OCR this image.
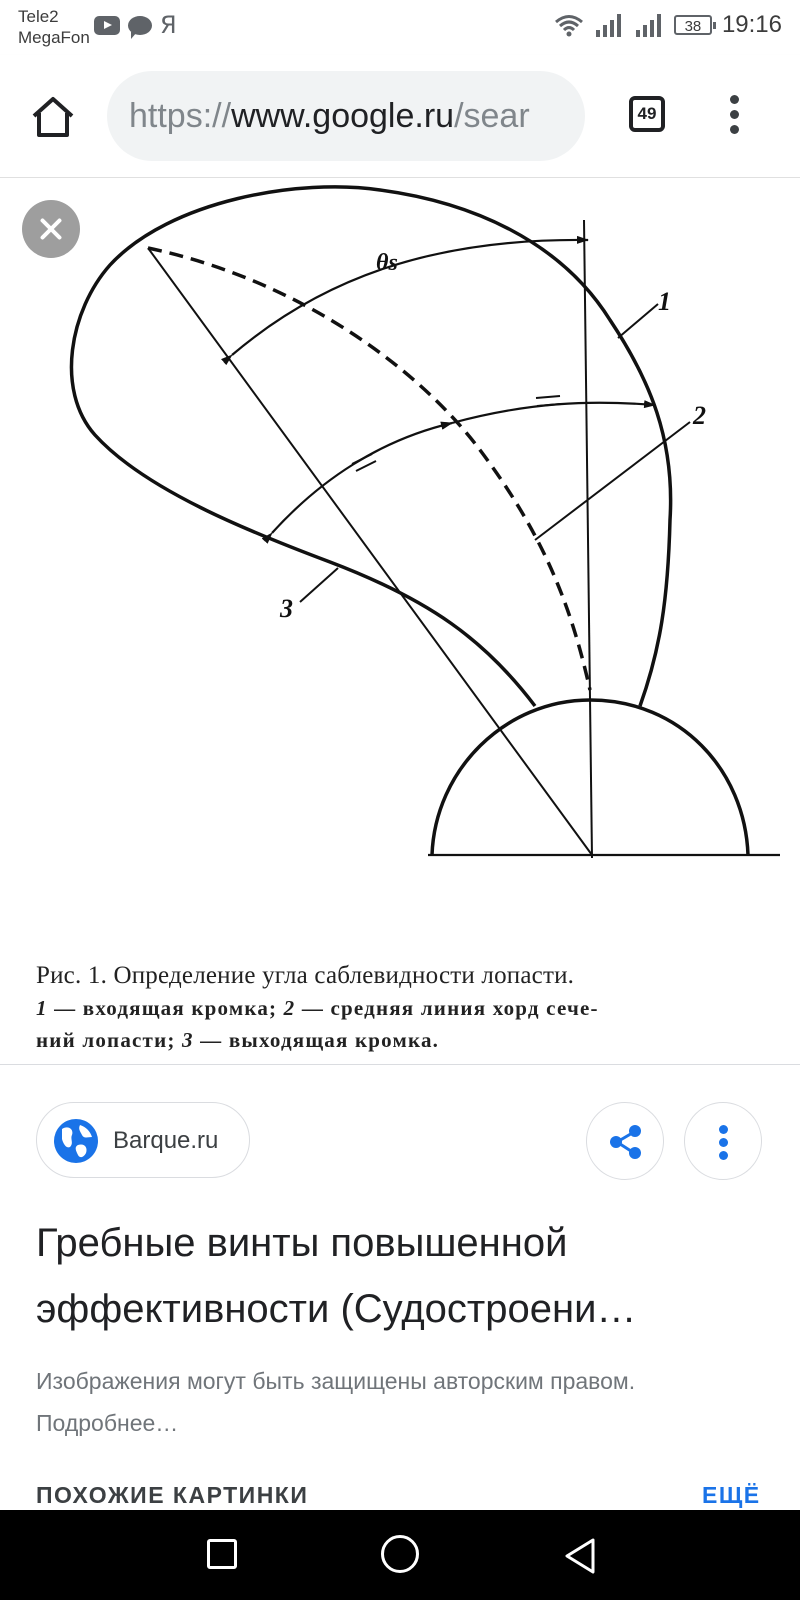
Tele2
MegaFon	Я	38 19:16
https://www.google.ru/sear	49
θs
1
2
3
Рис. 1. Определение угла саблевидности лопасти.
1 — входящая кромка; 2 — средняя линия хорд сече-
ний лопасти; 3 — выходящая кромка.
Barque.ru
Гребные винты повышенной эффективности (Судостроени…
Изображения могут быть защищены авторским правом. Подробнее…
ПОХОЖИЕ КАРТИНКИ	ЕЩЁ
